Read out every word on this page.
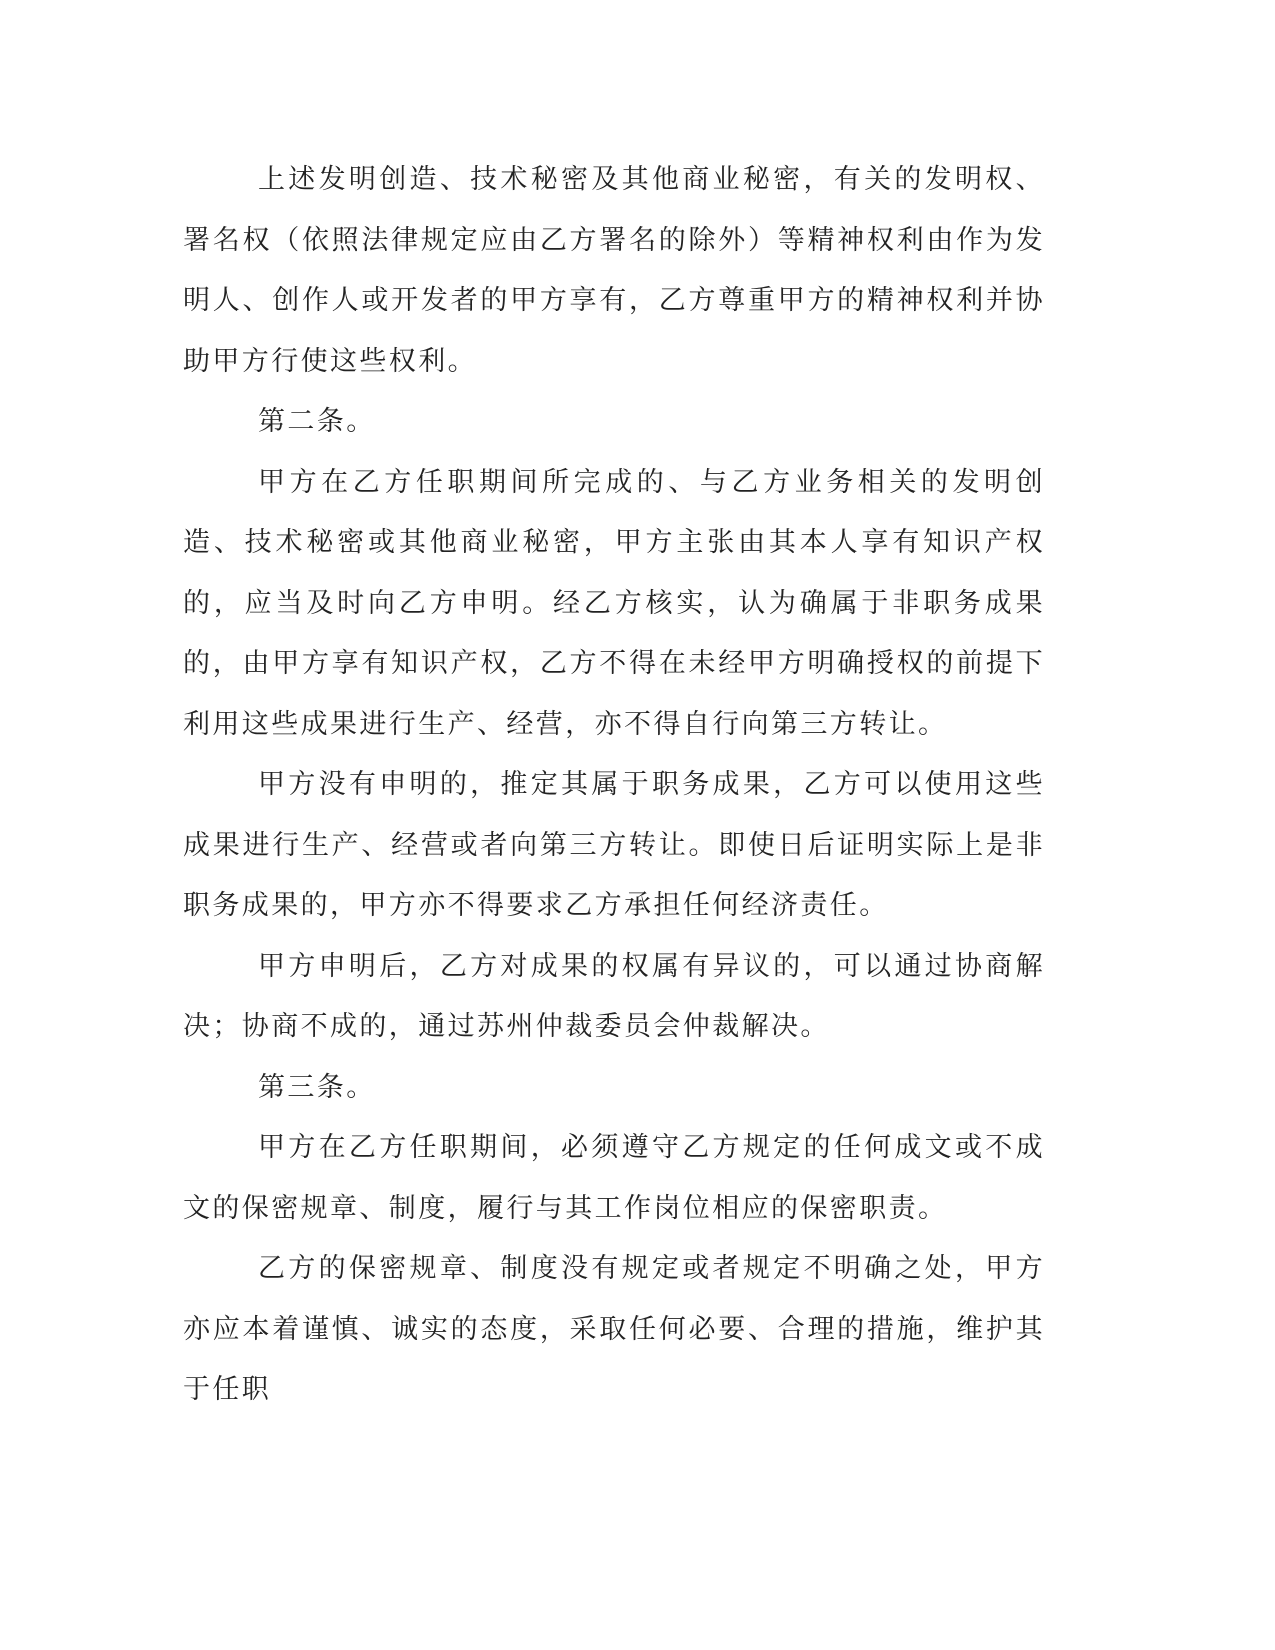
上述发明创造、技术秘密及其他商业秘密，有关的发明权、署名权（依照法律规定应由乙方署名的除外）等精神权利由作为发明人、创作人或开发者的甲方享有，乙方尊重甲方的精神权利并协助甲方行使这些权利。

第二条。

甲方在乙方任职期间所完成的、与乙方业务相关的发明创造、技术秘密或其他商业秘密，甲方主张由其本人享有知识产权的，应当及时向乙方申明。经乙方核实，认为确属于非职务成果的，由甲方享有知识产权，乙方不得在未经甲方明确授权的前提下利用这些成果进行生产、经营，亦不得自行向第三方转让。

甲方没有申明的，推定其属于职务成果，乙方可以使用这些成果进行生产、经营或者向第三方转让。即使日后证明实际上是非职务成果的，甲方亦不得要求乙方承担任何经济责任。

甲方申明后，乙方对成果的权属有异议的，可以通过协商解决；协商不成的，通过苏州仲裁委员会仲裁解决。

第三条。

甲方在乙方任职期间，必须遵守乙方规定的任何成文或不成文的保密规章、制度，履行与其工作岗位相应的保密职责。

乙方的保密规章、制度没有规定或者规定不明确之处，甲方亦应本着谨慎、诚实的态度，采取任何必要、合理的措施，维护其于任职
